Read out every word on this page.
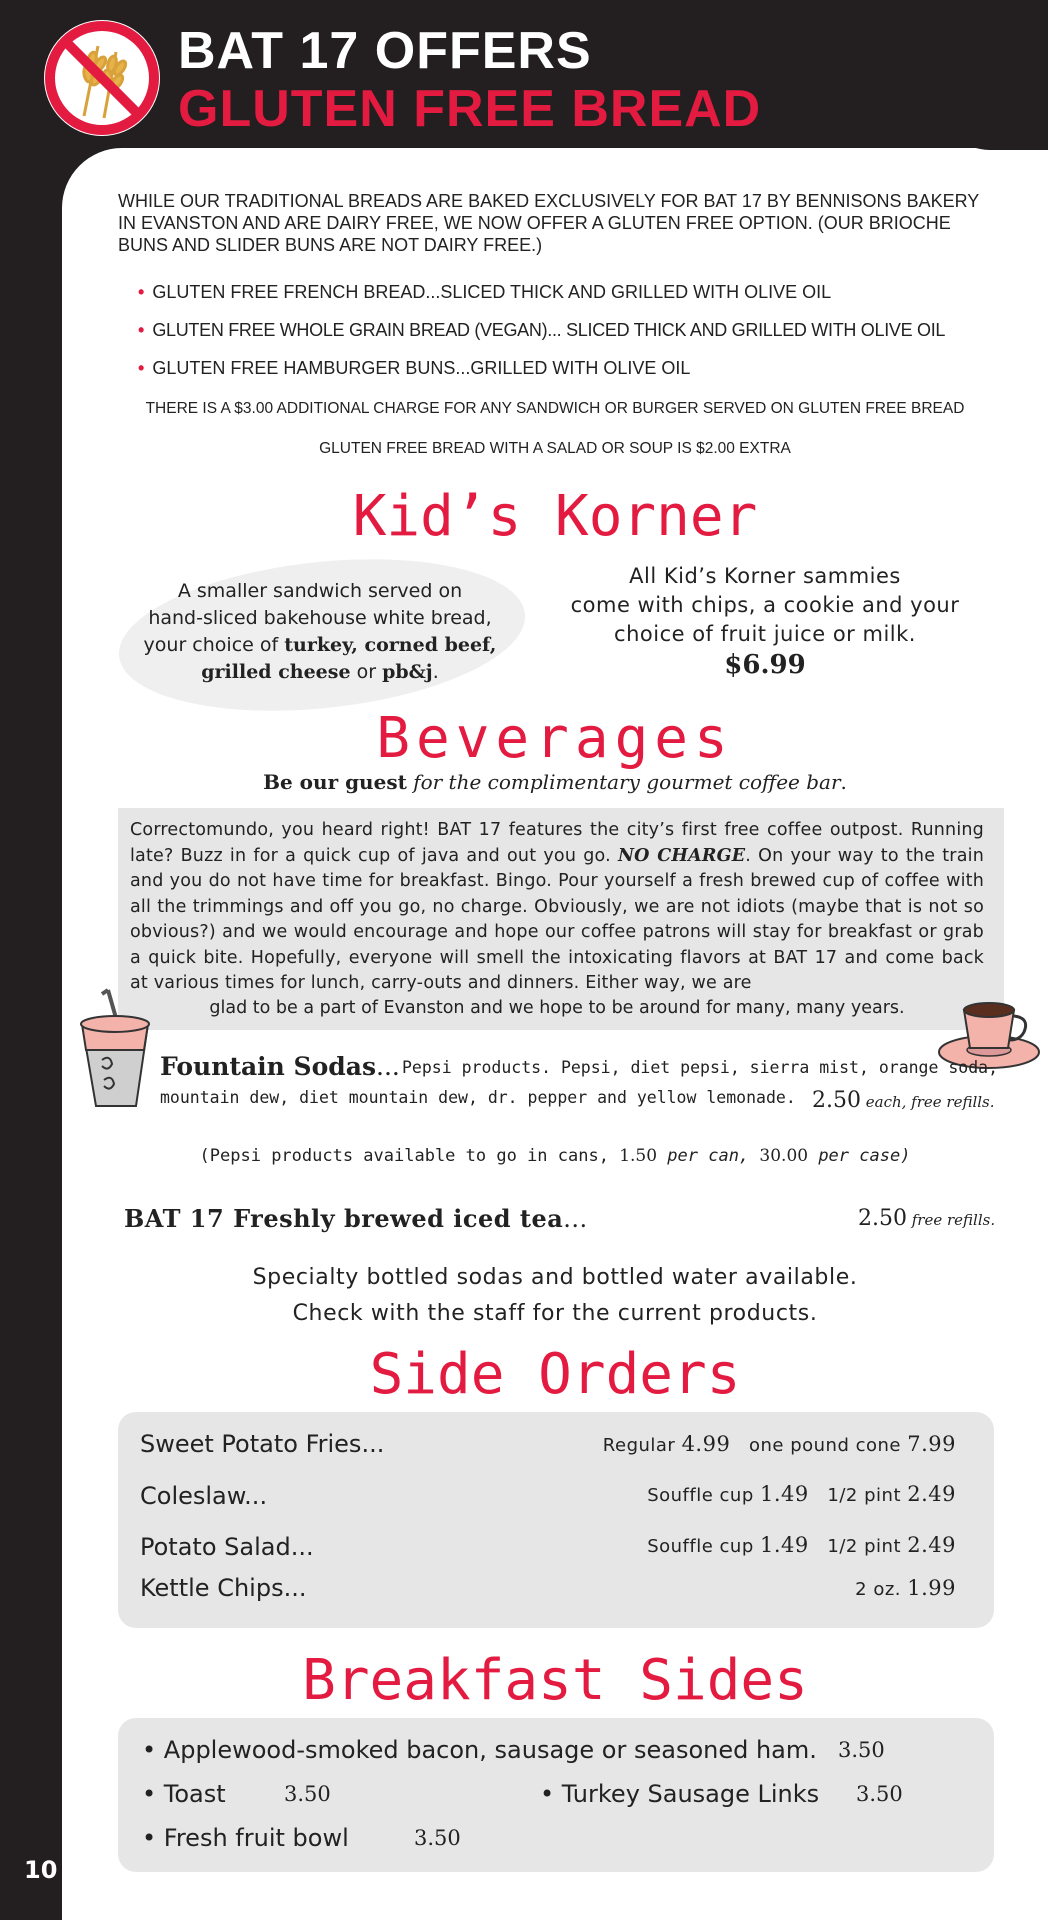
BAT 17 OFFERS
GLUTEN FREE BREAD

WHILE OUR TRADITIONAL BREADS ARE BAKED EXCLUSIVELY FOR BAT 17 BY BENNISONS BAKERY IN EVANSTON AND ARE DAIRY FREE, WE NOW OFFER A GLUTEN FREE OPTION. (OUR BRIOCHE BUNS AND SLIDER BUNS ARE NOT DAIRY FREE.)

• GLUTEN FREE FRENCH BREAD...SLICED THICK AND GRILLED WITH OLIVE OIL

• GLUTEN FREE WHOLE GRAIN BREAD (VEGAN)... SLICED THICK AND GRILLED WITH OLIVE OIL

• GLUTEN FREE HAMBURGER BUNS...GRILLED WITH OLIVE OIL

THERE IS A $3.00 ADDITIONAL CHARGE FOR ANY SANDWICH OR BURGER SERVED ON GLUTEN FREE BREAD

GLUTEN FREE BREAD WITH A SALAD OR SOUP IS $2.00 EXTRA

Kid’s Korner
A smaller sandwich served on
hand-sliced bakehouse white bread,
your choice of turkey, corned beef,
grilled cheese or pb&j.
All Kid’s Korner sammies
come with chips, a cookie and your
choice of fruit juice or milk.

$6.99

Beverages

Be our guest for the complimentary gourmet coffee bar.

Correctomundo, you heard right! BAT 17 features the city’s first free coffee outpost. Running late? Buzz in for a quick cup of java and out you go. NO CHARGE. On your way to the train and you do not have time for breakfast. Bingo. Pour yourself a fresh brewed cup of coffee with all the trimmings and off you go, no charge. Obviously, we are not idiots (maybe that is not so obvious?) and we would encourage and hope our coffee patrons will stay for breakfast or grab a quick bite. Hopefully, everyone will smell the intoxicating flavors at BAT 17 and come back at various times for lunch, carry-outs and dinners. Either way, we are

glad to be a part of Evanston and we hope to be around for many, many years.

Fountain Sodas... Pepsi products. Pepsi, diet pepsi, sierra mist, orange soda,

mountain dew, diet mountain dew, dr. pepper and yellow lemonade. 2.50 each, free refills.

(Pepsi products available to go in cans, 1.50 per can, 30.00 per case)

BAT 17 Freshly brewed iced tea...	2.50 free refills.

Specialty bottled sodas and bottled water available.
Check with the staff for the current products.
Side Orders

Sweet Potato Fries...	Regular 4.99   one pound cone 7.99

Coleslaw...	Souffle cup 1.49   1/2 pint 2.49

Potato Salad...	Souffle cup 1.49   1/2 pint 2.49

Kettle Chips...	2 oz. 1.99

Breakfast Sides

• Applewood-smoked bacon, sausage or seasoned ham. 3.50

• Toast	3.50	• Turkey Sausage Links 3.50

• Fresh fruit bowl	3.50

10
